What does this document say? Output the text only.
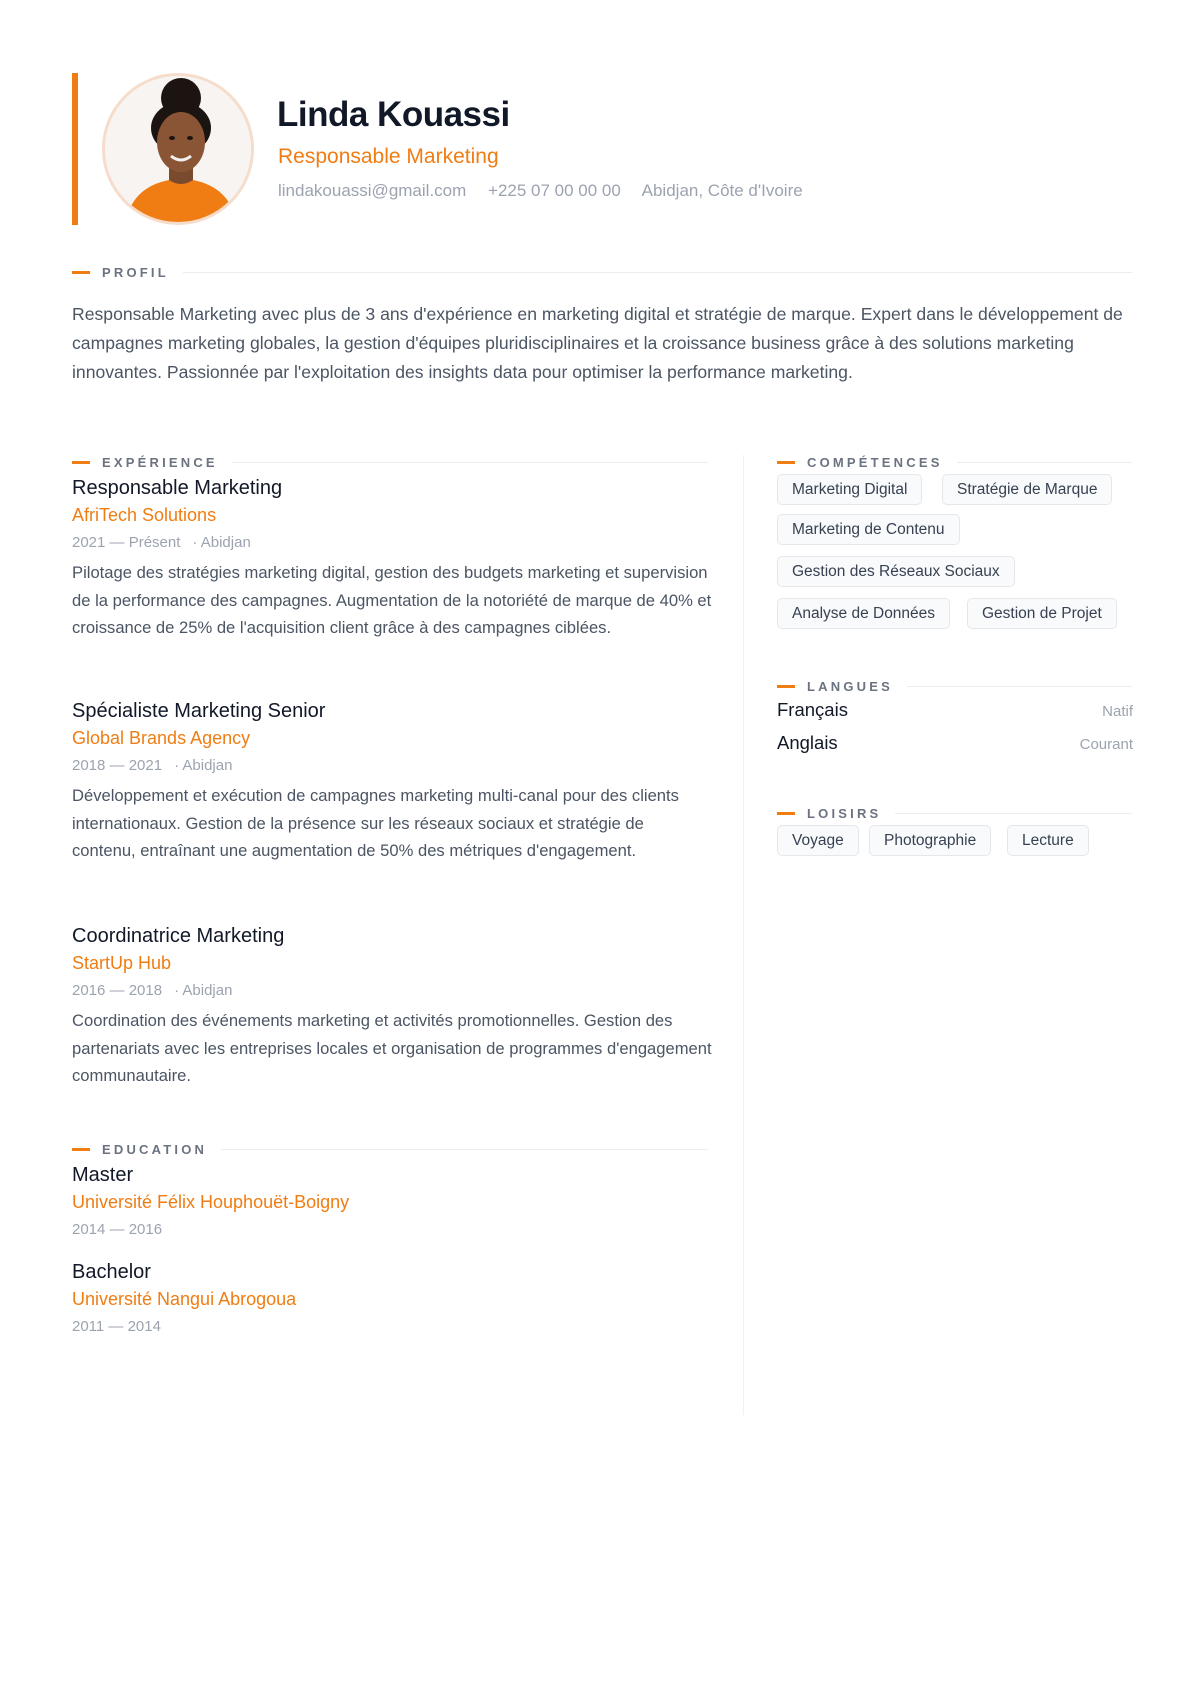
Linda Kouassi
Responsable Marketing
lindakouassi@gmail.com +225 07 00 00 00 Abidjan, Côte d'Ivoire
PROFIL
Responsable Marketing avec plus de 3 ans d'expérience en marketing digital et stratégie de marque. Expert dans le développement de campagnes marketing globales, la gestion d'équipes pluridisciplinaires et la croissance business grâce à des solutions marketing innovantes. Passionnée par l'exploitation des insights data pour optimiser la performance marketing.
EXPÉRIENCE
Responsable Marketing
AfriTech Solutions
2021 — Présent · Abidjan
Pilotage des stratégies marketing digital, gestion des budgets marketing et supervision de la performance des campagnes. Augmentation de la notoriété de marque de 40% et croissance de 25% de l'acquisition client grâce à des campagnes ciblées.
Spécialiste Marketing Senior
Global Brands Agency
2018 — 2021 · Abidjan
Développement et exécution de campagnes marketing multi-canal pour des clients internationaux. Gestion de la présence sur les réseaux sociaux et stratégie de contenu, entraînant une augmentation de 50% des métriques d'engagement.
Coordinatrice Marketing
StartUp Hub
2016 — 2018 · Abidjan
Coordination des événements marketing et activités promotionnelles. Gestion des partenariats avec les entreprises locales et organisation de programmes d'engagement communautaire.
EDUCATION
Master
Université Félix Houphouët-Boigny
2014 — 2016
Bachelor
Université Nangui Abrogoua
2011 — 2014
COMPÉTENCES
Marketing Digital	Stratégie de Marque
Marketing de Contenu
Gestion des Réseaux Sociaux
Analyse de Données	Gestion de Projet
LANGUES
Français	Natif
Anglais	Courant
LOISIRS
Voyage	Photographie	Lecture
